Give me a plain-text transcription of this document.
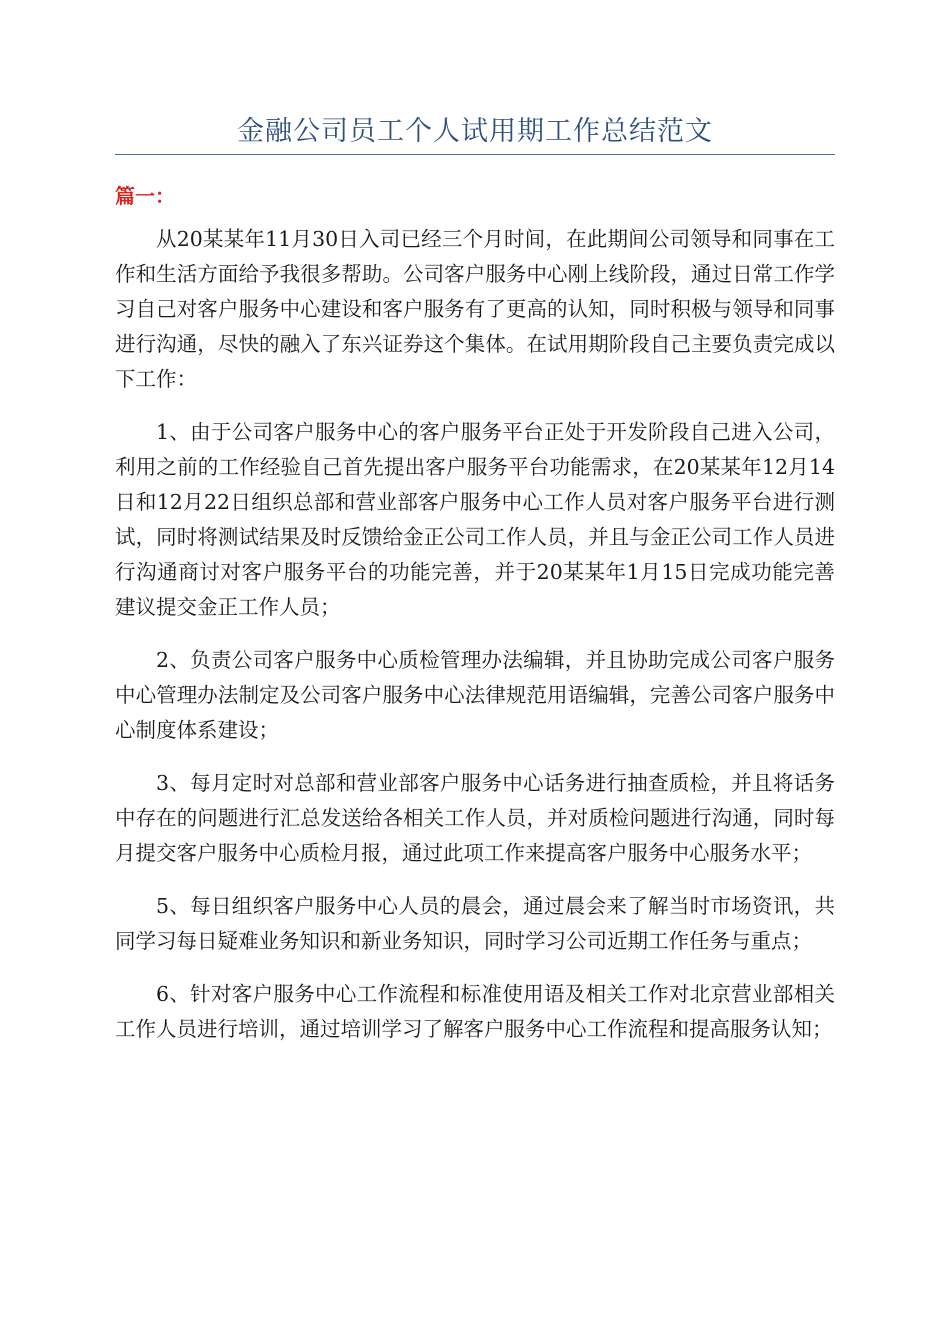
金融公司员工个人试用期工作总结范文
篇一：

从20某某年11月30日入司已经三个月时间，在此期间公司领导和同事在工作和生活方面给予我很多帮助。公司客户服务中心刚上线阶段，通过日常工作学习自己对客户服务中心建设和客户服务有了更高的认知，同时积极与领导和同事进行沟通，尽快的融入了东兴证券这个集体。在试用期阶段自己主要负责完成以下工作：

1、由于公司客户服务中心的客户服务平台正处于开发阶段自己进入公司，利用之前的工作经验自己首先提出客户服务平台功能需求，在20某某年12月14日和12月22日组织总部和营业部客户服务中心工作人员对客户服务平台进行测试，同时将测试结果及时反馈给金正公司工作人员，并且与金正公司工作人员进行沟通商讨对客户服务平台的功能完善，并于20某某年1月15日完成功能完善建议提交金正工作人员；

2、负责公司客户服务中心质检管理办法编辑，并且协助完成公司客户服务中心管理办法制定及公司客户服务中心法律规范用语编辑，完善公司客户服务中心制度体系建设；

3、每月定时对总部和营业部客户服务中心话务进行抽查质检，并且将话务中存在的问题进行汇总发送给各相关工作人员，并对质检问题进行沟通，同时每月提交客户服务中心质检月报，通过此项工作来提高客户服务中心服务水平；

5、每日组织客户服务中心人员的晨会，通过晨会来了解当时市场资讯，共同学习每日疑难业务知识和新业务知识，同时学习公司近期工作任务与重点；

6、针对客户服务中心工作流程和标准使用语及相关工作对北京营业部相关工作人员进行培训，通过培训学习了解客户服务中心工作流程和提高服务认知；
